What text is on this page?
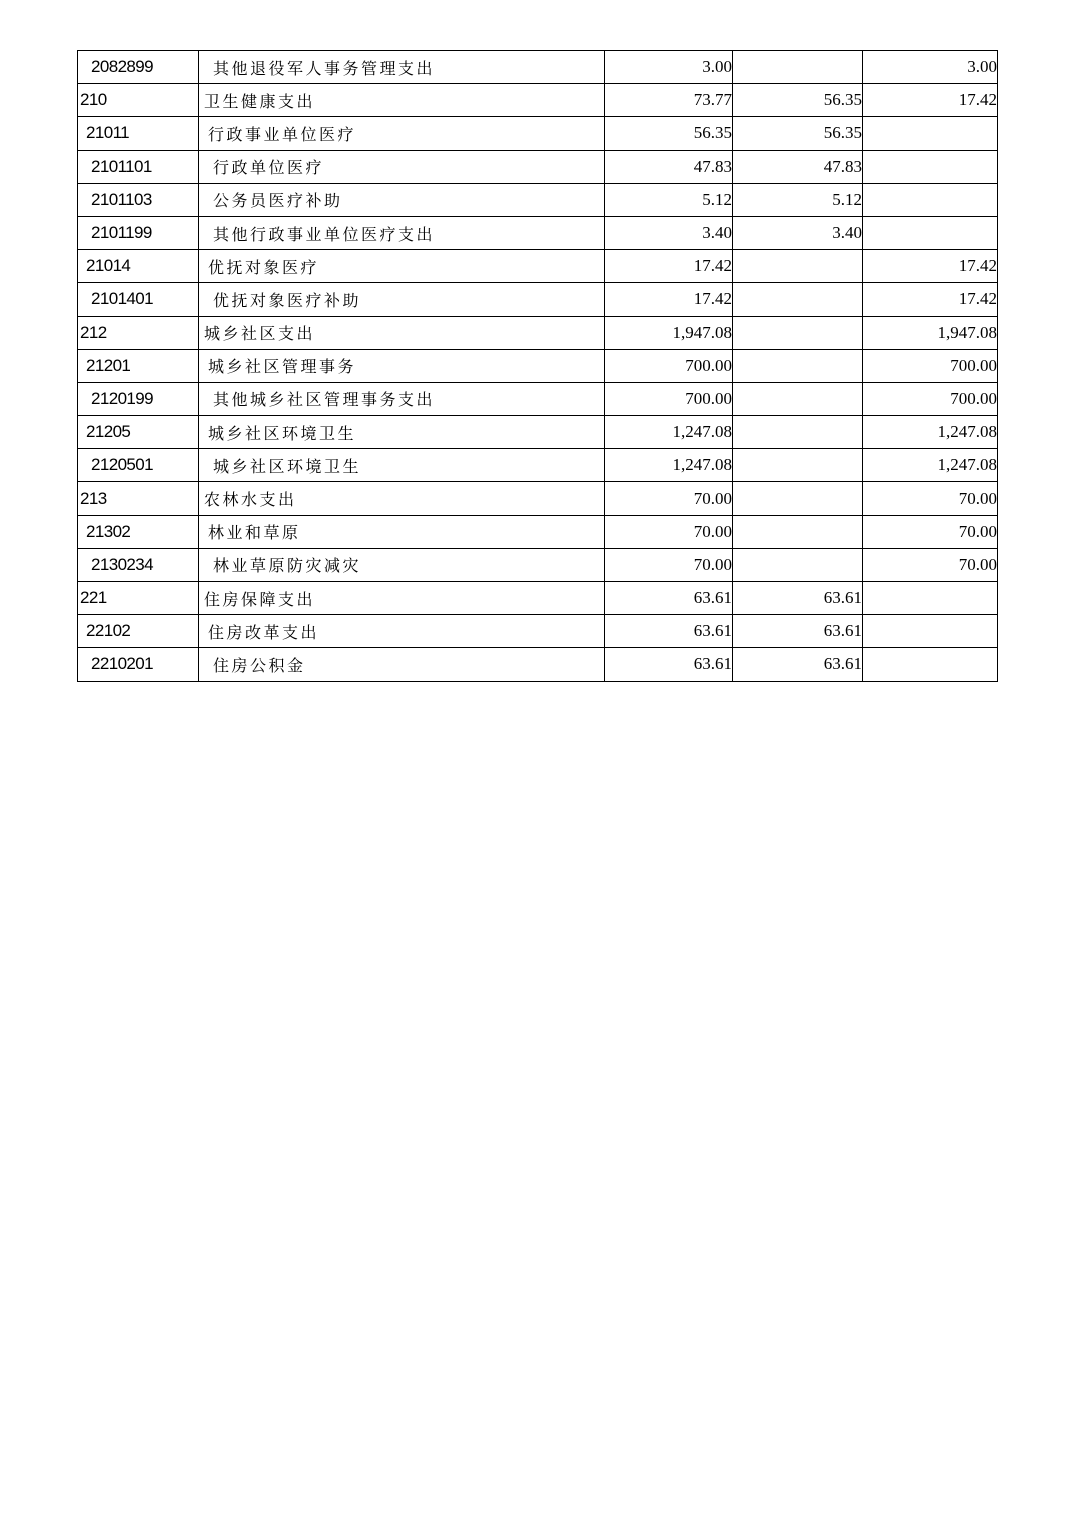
2082899	其他退役军人事务管理支出	3.00		3.00
210	卫生健康支出	73.77	56.35	17.42
21011	行政事业单位医疗	56.35	56.35	
2101101	行政单位医疗	47.83	47.83	
2101103	公务员医疗补助	5.12	5.12	
2101199	其他行政事业单位医疗支出	3.40	3.40	
21014	优抚对象医疗	17.42		17.42
2101401	优抚对象医疗补助	17.42		17.42
212	城乡社区支出	1,947.08		1,947.08
21201	城乡社区管理事务	700.00		700.00
2120199	其他城乡社区管理事务支出	700.00		700.00
21205	城乡社区环境卫生	1,247.08		1,247.08
2120501	城乡社区环境卫生	1,247.08		1,247.08
213	农林水支出	70.00		70.00
21302	林业和草原	70.00		70.00
2130234	林业草原防灾减灾	70.00		70.00
221	住房保障支出	63.61	63.61	
22102	住房改革支出	63.61	63.61	
2210201	住房公积金	63.61	63.61	
